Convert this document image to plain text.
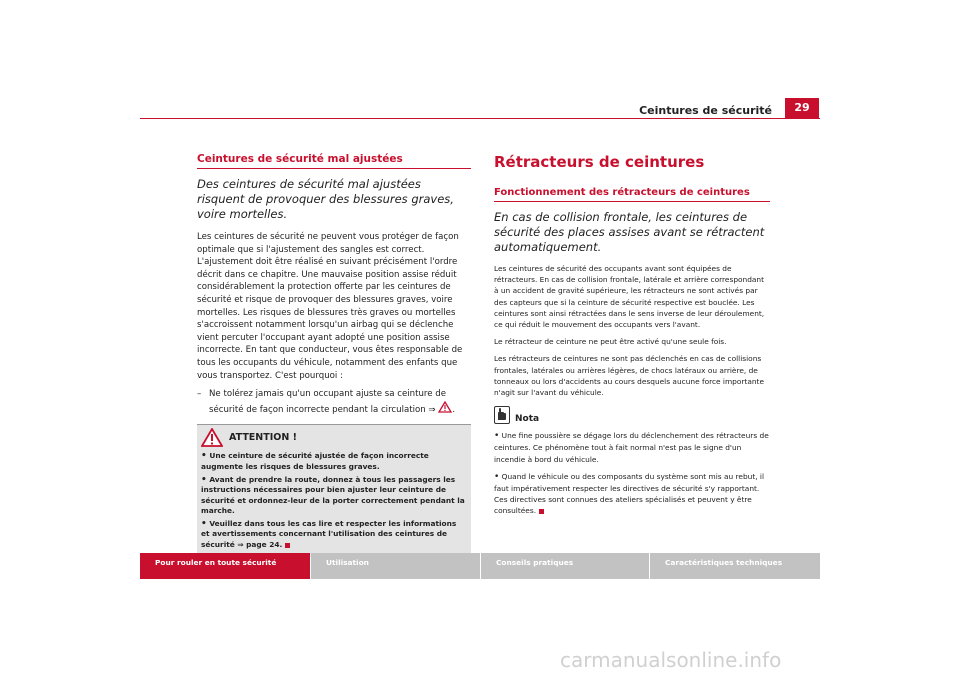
Ceintures de sécurité	29
Ceintures de sécurité mal ajustées
Des ceintures de sécurité mal ajustées risquent de provoquer des blessures graves, voire mortelles.
Les ceintures de sécurité ne peuvent vous protéger de façon optimale que si l'ajustement des sangles est correct. L'ajustement doit être réalisé en suivant précisément l'ordre décrit dans ce chapitre. Une mauvaise position assise réduit considérablement la protection offerte par les ceintures de sécurité et risque de provoquer des blessures graves, voire mortelles. Les risques de blessures très graves ou mortelles s'accroissent notamment lorsqu'un airbag qui se déclenche vient percuter l'occupant ayant adopté une position assise incorrecte. En tant que conducteur, vous êtes responsable de tous les occupants du véhicule, notamment des enfants que vous transportez. C'est pourquoi :
– Ne tolérez jamais qu'un occupant ajuste sa ceinture de sécurité de façon incorrecte pendant la circulation ⇒ .
ATTENTION !
• Une ceinture de sécurité ajustée de façon incorrecte augmente les risques de blessures graves.
• Avant de prendre la route, donnez à tous les passagers les instructions nécessaires pour bien ajuster leur ceinture de sécurité et ordonnez-leur de la porter correctement pendant la marche.
• Veuillez dans tous les cas lire et respecter les informations et avertissements concernant l'utilisation des ceintures de sécurité ⇒ page 24.
Rétracteurs de ceintures
Fonctionnement des rétracteurs de ceintures
En cas de collision frontale, les ceintures de sécurité des places assises avant se rétractent automatiquement.
Les ceintures de sécurité des occupants avant sont équipées de rétracteurs. En cas de collision frontale, latérale et arrière correspondant à un accident de gravité supérieure, les rétracteurs ne sont activés par des capteurs que si la ceinture de sécurité respective est bouclée. Les ceintures sont ainsi rétractées dans le sens inverse de leur déroulement, ce qui réduit le mouvement des occupants vers l'avant.
Le rétracteur de ceinture ne peut être activé qu'une seule fois.
Les rétracteurs de ceintures ne sont pas déclenchés en cas de collisions frontales, latérales ou arrières légères, de chocs latéraux ou arrière, de tonneaux ou lors d'accidents au cours desquels aucune force importante n'agit sur l'avant du véhicule.
Nota
• Une fine poussière se dégage lors du déclenchement des rétracteurs de ceintures. Ce phénomène tout à fait normal n'est pas le signe d'un incendie à bord du véhicule.
• Quand le véhicule ou des composants du système sont mis au rebut, il faut impérativement respecter les directives de sécurité s'y rapportant. Ces directives sont connues des ateliers spécialisés et peuvent y être consultées.
Pour rouler en toute sécurité	Utilisation	Conseils pratiques	Caractéristiques techniques
carmanualsonline.info
